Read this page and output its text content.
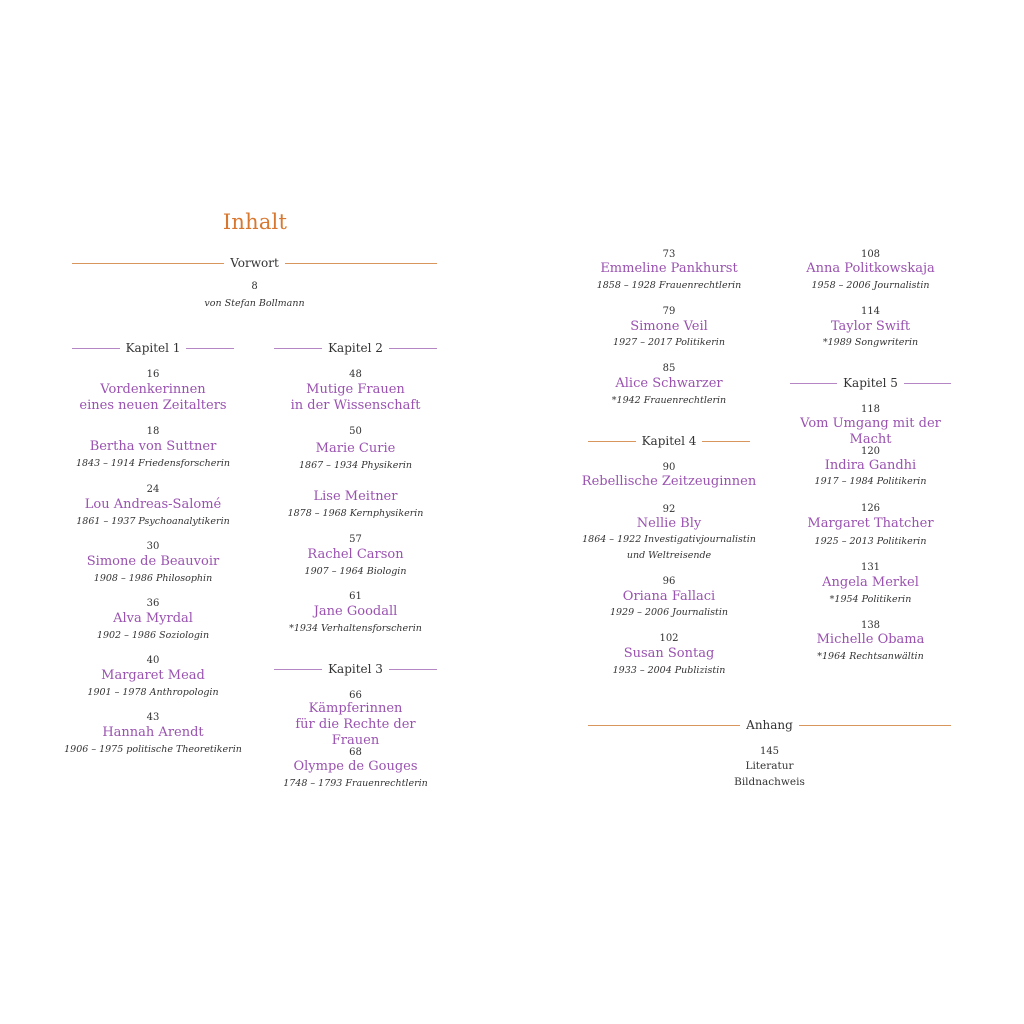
Inhalt
Vorwort
8
von Stefan Bollmann
Kapitel 1
16
Vordenkerinnen
eines neuen Zeitalters
18
Bertha von Suttner
1843 – 1914 Friedensforscherin
24
Lou Andreas-Salomé
1861 – 1937 Psychoanalytikerin
30
Simone de Beauvoir
1908 – 1986 Philosophin
36
Alva Myrdal
1902 – 1986 Soziologin
40
Margaret Mead
1901 – 1978 Anthropologin
43
Hannah Arendt
1906 – 1975 politische Theoretikerin
Kapitel 2
48
Mutige Frauen
in der Wissenschaft
50
Marie Curie
1867 – 1934 Physikerin
Lise Meitner
1878 – 1968 Kernphysikerin
57
Rachel Carson
1907 – 1964 Biologin
61
Jane Goodall
*1934 Verhaltensforscherin
Kapitel 3
66
Kämpferinnen
für die Rechte der Frauen
68
Olympe de Gouges
1748 – 1793 Frauenrechtlerin
73
Emmeline Pankhurst
1858 – 1928 Frauenrechtlerin
79
Simone Veil
1927 – 2017 Politikerin
85
Alice Schwarzer
*1942 Frauenrechtlerin
Kapitel 4
90
Rebellische Zeitzeuginnen
92
Nellie Bly
1864 – 1922 Investigativjournalistin
und Weltreisende
96
Oriana Fallaci
1929 – 2006 Journalistin
102
Susan Sontag
1933 – 2004 Publizistin
108
Anna Politkowskaja
1958 – 2006 Journalistin
114
Taylor Swift
*1989 Songwriterin
Kapitel 5
118
Vom Umgang mit der Macht
120
Indira Gandhi
1917 – 1984 Politikerin
126
Margaret Thatcher
1925 – 2013 Politikerin
131
Angela Merkel
*1954 Politikerin
138
Michelle Obama
*1964 Rechtsanwältin
Anhang
145
Literatur
Bildnachweis
